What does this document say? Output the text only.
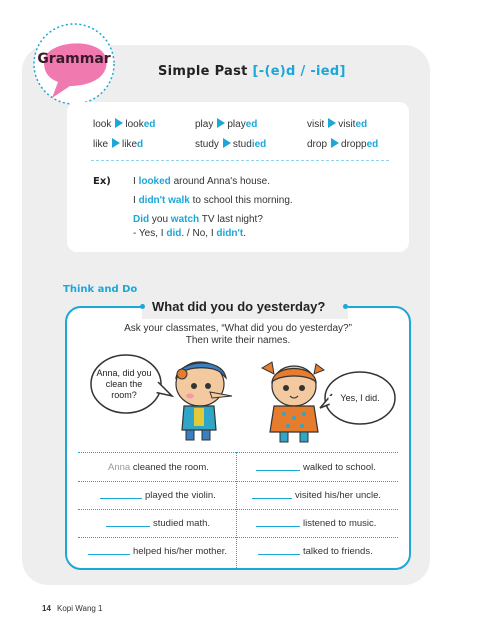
Grammar
Simple Past [-(e)d / -ied]
look looked	play played	visit visited
like liked	study studied	drop dropped
Ex) I looked around Anna's house.
I didn't walk to school this morning.
Did you watch TV last night?
- Yes, I did. / No, I didn't.
Think and Do
What did you do yesterday?
Ask your classmates, “What did you do yesterday?”
Then write their names.
Anna, did you clean the room?	Yes, I did.
Anna cleaned the room.	walked to school.
played the violin.	visited his/her uncle.
studied math.	listened to music.
helped his/her mother.	talked to friends.
14 Kopi Wang 1
